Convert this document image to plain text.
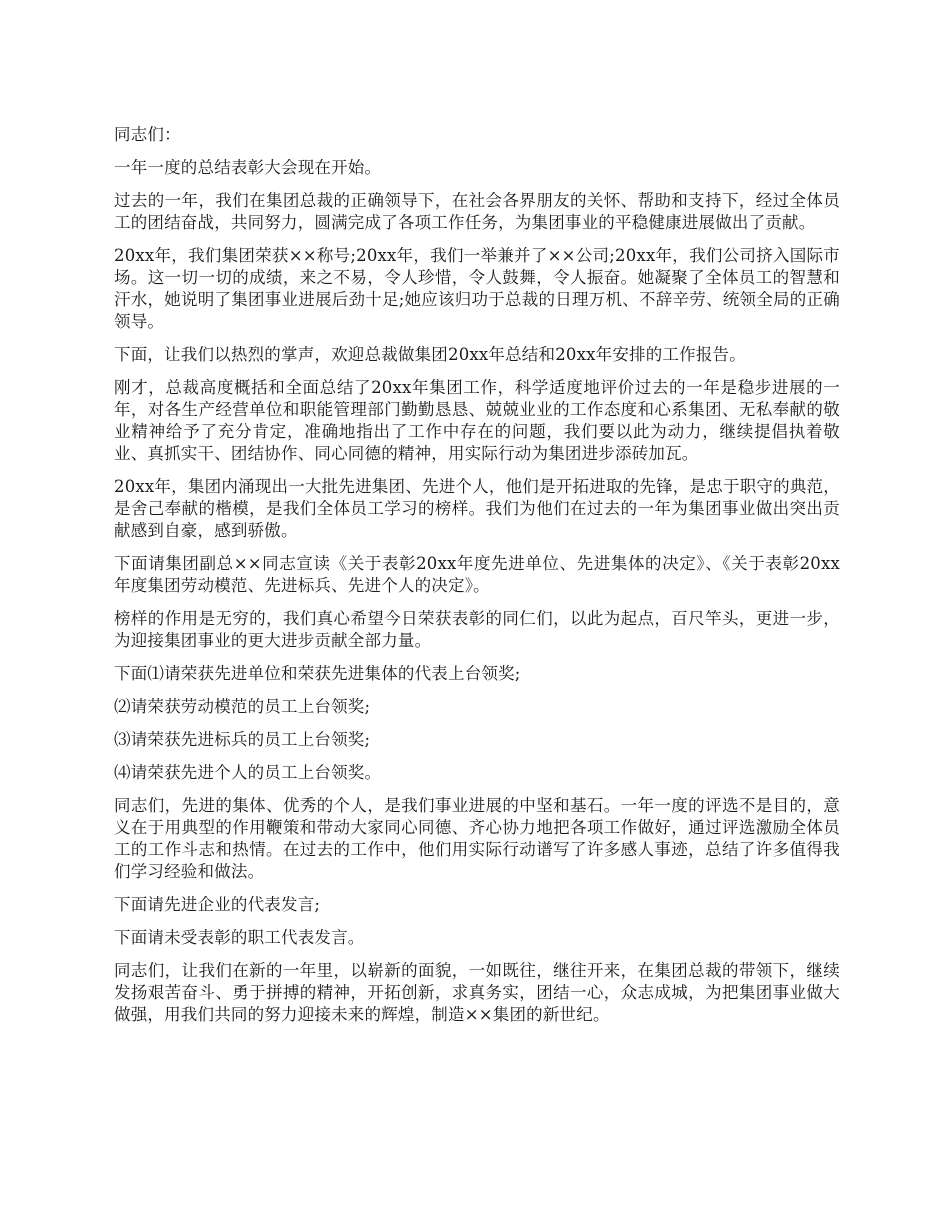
同志们：

一年一度的总结表彰大会现在开始。

过去的一年，我们在集团总裁的正确领导下，在社会各界朋友的关怀、帮助和支持下，经过全体员工的团结奋战，共同努力，圆满完成了各项工作任务，为集团事业的平稳健康进展做出了贡献。

20xx年，我们集团荣获××称号;20xx年，我们一举兼并了××公司;20xx年，我们公司挤入国际市场。这一切一切的成绩，来之不易，令人珍惜，令人鼓舞，令人振奋。她凝聚了全体员工的智慧和汗水，她说明了集团事业进展后劲十足;她应该归功于总裁的日理万机、不辞辛劳、统领全局的正确领导。

下面，让我们以热烈的掌声，欢迎总裁做集团20xx年总结和20xx年安排的工作报告。

刚才，总裁高度概括和全面总结了20xx年集团工作，科学适度地评价过去的一年是稳步进展的一年，对各生产经营单位和职能管理部门勤勤恳恳、兢兢业业的工作态度和心系集团、无私奉献的敬业精神给予了充分肯定，准确地指出了工作中存在的问题，我们要以此为动力，继续提倡执着敬业、真抓实干、团结协作、同心同德的精神，用实际行动为集团进步添砖加瓦。

20xx年，集团内涌现出一大批先进集团、先进个人，他们是开拓进取的先锋，是忠于职守的典范，是舍己奉献的楷模，是我们全体员工学习的榜样。我们为他们在过去的一年为集团事业做出突出贡献感到自豪，感到骄傲。

下面请集团副总××同志宣读《关于表彰20xx年度先进单位、先进集体的决定》、《关于表彰20xx年度集团劳动模范、先进标兵、先进个人的决定》。

榜样的作用是无穷的，我们真心希望今日荣获表彰的同仁们，以此为起点，百尺竿头，更进一步，为迎接集团事业的更大进步贡献全部力量。

下面⑴请荣获先进单位和荣获先进集体的代表上台领奖;

⑵请荣获劳动模范的员工上台领奖;

⑶请荣获先进标兵的员工上台领奖;

⑷请荣获先进个人的员工上台领奖。

同志们，先进的集体、优秀的个人，是我们事业进展的中坚和基石。一年一度的评选不是目的，意义在于用典型的作用鞭策和带动大家同心同德、齐心协力地把各项工作做好，通过评选激励全体员工的工作斗志和热情。在过去的工作中，他们用实际行动谱写了许多感人事迹，总结了许多值得我们学习经验和做法。

下面请先进企业的代表发言;

下面请未受表彰的职工代表发言。

同志们，让我们在新的一年里，以崭新的面貌，一如既往，继往开来，在集团总裁的带领下，继续发扬艰苦奋斗、勇于拼搏的精神，开拓创新，求真务实，团结一心，众志成城，为把集团事业做大做强，用我们共同的努力迎接未来的辉煌，制造××集团的新世纪。
